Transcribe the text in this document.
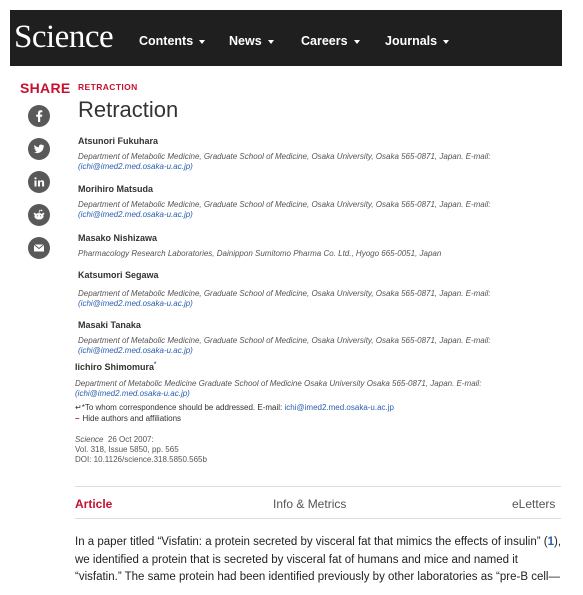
Science Contents	News	Careers	Journals
SHARE RETRACTION
Retraction
Atsunori Fukuhara
Department of Metabolic Medicine, Graduate School of Medicine, Osaka University, Osaka 565-0871, Japan. E-mail:
(ichi@imed2.med.osaka-u.ac.jp)
Morihiro Matsuda
Department of Metabolic Medicine, Graduate School of Medicine, Osaka University, Osaka 565-0871, Japan. E-mail:
(ichi@imed2.med.osaka-u.ac.jp)
Masako Nishizawa
Pharmacology Research Laboratories, Dainippon Sumitomo Pharma Co. Ltd., Hyogo 665-0051, Japan
Katsumori Segawa
Department of Metabolic Medicine, Graduate School of Medicine, Osaka University, Osaka 565-0871, Japan. E-mail:
(ichi@imed2.med.osaka-u.ac.jp)
Masaki Tanaka
Department of Metabolic Medicine, Graduate School of Medicine, Osaka University, Osaka 565-0871, Japan. E-mail:
(ichi@imed2.med.osaka-u.ac.jp)
Iichiro Shimomura*
Department of Metabolic Medicine Graduate School of Medicine Osaka University Osaka 565-0871, Japan. E-mail:
(ichi@imed2.med.osaka-u.ac.jp)
↵*To whom correspondence should be addressed. E-mail: ichi@imed2.med.osaka-u.ac.jp
– Hide authors and affiliations
Science 26 Oct 2007:
Vol. 318, Issue 5850, pp. 565
DOI: 10.1126/science.318.5850.565b
Article	Info & Metrics	eLetters
In a paper titled “Visfatin: a protein secreted by visceral fat that mimics the effects of insulin” (1),
we identified a protein that is secreted by visceral fat of humans and mice and named it
“visfatin.” The same protein had been identified previously by other laboratories as “pre-B cell—
